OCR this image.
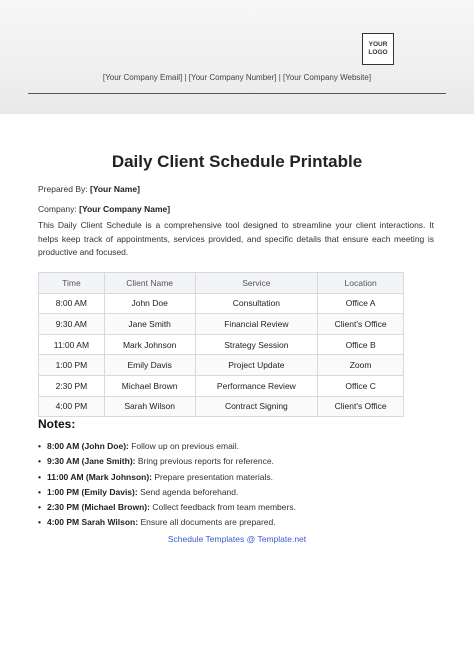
YOUR
LOGO
[Your Company Email] | [Your Company Number] | [Your Company Website]
Daily Client Schedule Printable
Prepared By: [Your Name]
Company: [Your Company Name]
This Daily Client Schedule is a comprehensive tool designed to streamline your client interactions. It helps keep track of appointments, services provided, and specific details that ensure each meeting is productive and focused.
Time	Client Name	Service	Location
8:00 AM	John Doe	Consultation	Office A
9:30 AM	Jane Smith	Financial Review	Client's Office
11:00 AM	Mark Johnson	Strategy Session	Office B
1:00 PM	Emily Davis	Project Update	Zoom
2:30 PM	Michael Brown	Performance Review	Office C
4:00 PM	Sarah Wilson	Contract Signing	Client's Office
Notes:
• 8:00 AM (John Doe): Follow up on previous email.
• 9:30 AM (Jane Smith): Bring previous reports for reference.
• 11:00 AM (Mark Johnson): Prepare presentation materials.
• 1:00 PM (Emily Davis): Send agenda beforehand.
• 2:30 PM (Michael Brown): Collect feedback from team members.
• 4:00 PM Sarah Wilson: Ensure all documents are prepared.
Schedule Templates @ Template.net
